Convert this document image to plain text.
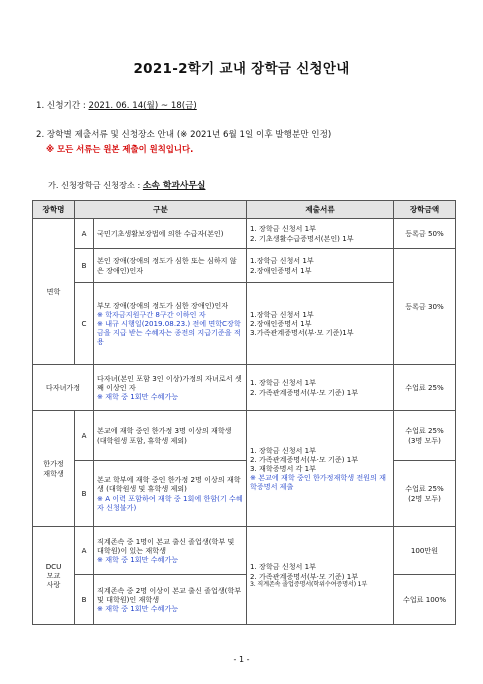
2021-2학기 교내 장학금 신청안내
1. 신청기간 : 2021. 06. 14(월) ~ 18(금)
2. 장학별 제출서류 및 신청장소 안내 (※ 2021년 6월 1일 이후 발행분만 인정)
※ 모든 서류는 원본 제출이 원칙입니다.
가. 신청장학금 신청장소 : 소속 학과사무실
장학명	구분		제출서류	장학금액
면학	A	국민기초생활보장법에 의한 수급자(본인)	1. 장학금 신청서 1부
2. 기초생활수급증명서(본인) 1부	등록금 50%
	B	본인 장애(장애의 정도가 심한 또는 심하지 않은 장애인)인자	1.장학금 신청서 1부
2.장애인증명서 1부	등록금 30%
	C	부모 장애(장애의 정도가 심한 장애인)인자
※ 학자금지원구간 8구간 이하인 자
※ 내규 시행일(2019.08.23.) 전에 면학C장학금을 지급 받는 수혜자는 종전의 지급기준을 적용	1.장학금 신청서 1부
2.장애인증명서 1부
3.가족관계증명서(부·모 기준)1부	

다자녀가정		다자녀(본인 포함 3인 이상)가정의 자녀로서 셋째 이상인 자
※ 재학 중 1회만 수혜가능	1. 장학금 신청서 1부
2. 가족관계증명서(부·모 기준) 1부	수업료 25%
한가정
재학생	A	본교에 재학 중인 한가정 3명 이상의 재학생
(대학원생 포함, 휴학생 제외)	1. 장학금 신청서 1부
2. 가족관계증명서(부·모 기준) 1부
3. 재학증명서 각 1부
※ 본교에 재학 중인 한가정재학생 전원의 재학증명서 제출	수업료 25%
(3명 모두)
	B	본교 학부에 재학 중인 한가정 2명 이상의 재학생 (대학원생 및 휴학생 제외)
※ A 이력 포함하여 재학 중 1회에 한함(기 수혜자 신청불가)		수업료 25%
(2명 모두)
DCU
모교
사랑	A	직계존속 중 1명이 본교 출신 졸업생(학부 및 대학원)이 있는 재학생
※ 재학 중 1회만 수혜가능	1. 장학금 신청서 1부
2. 가족관계증명서(부·모 기준) 1부
3. 직계존속 졸업증명서(학위수여증명서) 1부	100만원
	B	직계존속 중 2명 이상이 본교 출신 졸업생(학부 및 대학원)인 재학생
※ 재학 중 1회만 수혜가능		수업료 100%
- 1 -
